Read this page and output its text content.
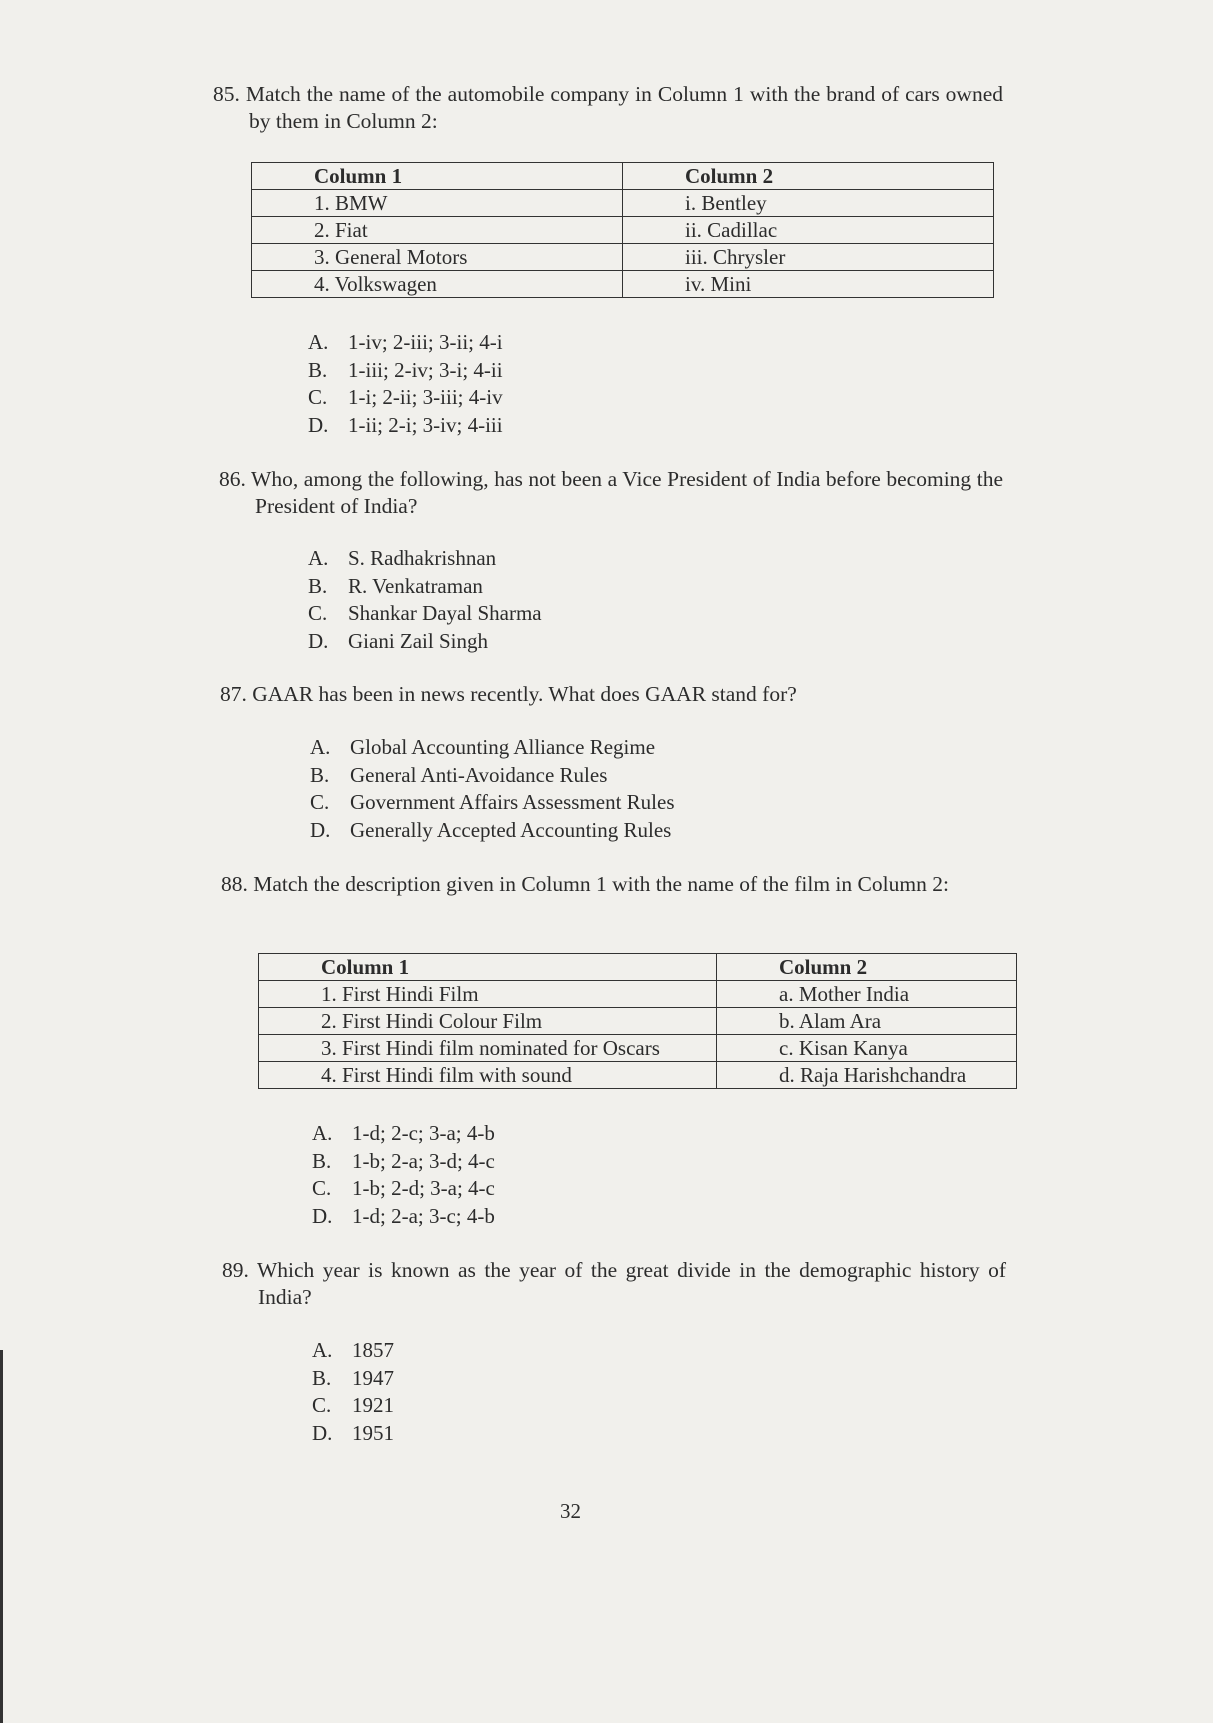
85. Match the name of the automobile company in Column 1 with the brand of cars owned by them in Column 2:
Column 1	Column 2
1. BMW	i. Bentley
2. Fiat	ii. Cadillac
3. General Motors	iii. Chrysler
4. Volkswagen	iv. Mini
A. 1-iv; 2-iii; 3-ii; 4-i
B. 1-iii; 2-iv; 3-i; 4-ii
C. 1-i; 2-ii; 3-iii; 4-iv
D. 1-ii; 2-i; 3-iv; 4-iii
86. Who, among the following, has not been a Vice President of India before becoming the President of India?
A. S. Radhakrishnan
B. R. Venkatraman
C. Shankar Dayal Sharma
D. Giani Zail Singh
87. GAAR has been in news recently. What does GAAR stand for?
A. Global Accounting Alliance Regime
B. General Anti-Avoidance Rules
C. Government Affairs Assessment Rules
D. Generally Accepted Accounting Rules
88. Match the description given in Column 1 with the name of the film in Column 2:
Column 1	Column 2
1. First Hindi Film	a. Mother India
2. First Hindi Colour Film	b. Alam Ara
3. First Hindi film nominated for Oscars	c. Kisan Kanya
4. First Hindi film with sound	d. Raja Harishchandra
A. 1-d; 2-c; 3-a; 4-b
B. 1-b; 2-a; 3-d; 4-c
C. 1-b; 2-d; 3-a; 4-c
D. 1-d; 2-a; 3-c; 4-b
89. Which year is known as the year of the great divide in the demographic history of India?
A. 1857
B. 1947
C. 1921
D. 1951
32
